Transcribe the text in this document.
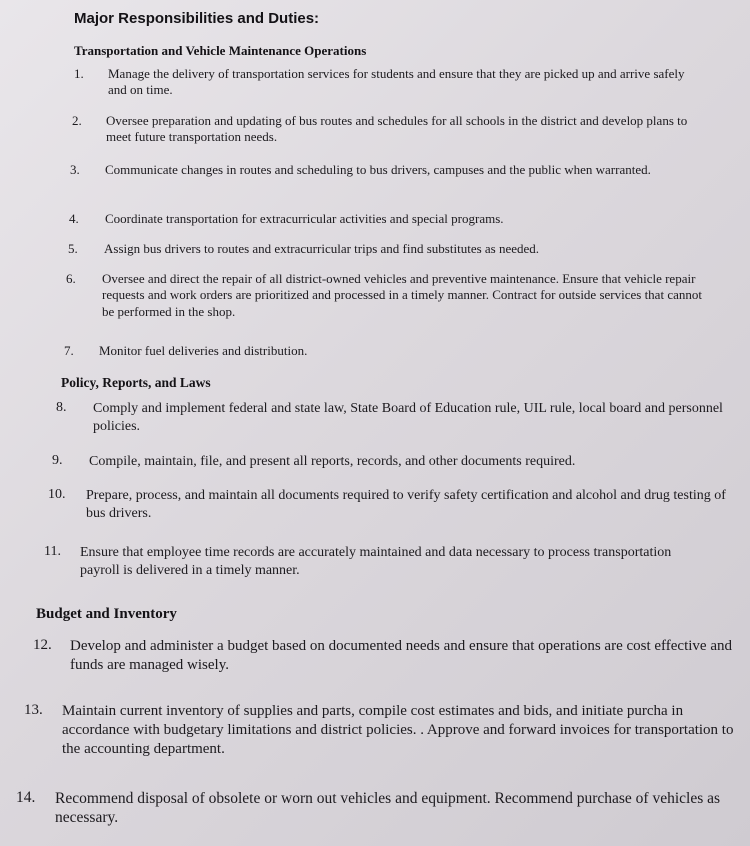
Major Responsibilities and Duties:
Transportation and Vehicle Maintenance Operations
1.	Manage the delivery of transportation services for students and ensure that they are picked up and arrive safely and on time.
2.	Oversee preparation and updating of bus routes and schedules for all schools in the district and develop plans to meet future transportation needs.
3.	Communicate changes in routes and scheduling to bus drivers, campuses and the public when warranted.
4.	Coordinate transportation for extracurricular activities and special programs.
5.	Assign bus drivers to routes and extracurricular trips and find substitutes as needed.
6.	Oversee and direct the repair of all district-owned vehicles and preventive maintenance. Ensure that vehicle repair requests and work orders are prioritized and processed in a timely manner. Contract for outside services that cannot be performed in the shop.
7.	Monitor fuel deliveries and distribution.
Policy, Reports, and Laws
8.	Comply and implement federal and state law, State Board of Education rule, UIL rule, local board and personnel policies.
9.	Compile, maintain, file, and present all reports, records, and other documents required.
10.	Prepare, process, and maintain all documents required to verify safety certification and alcohol and drug testing of bus drivers.
11.	Ensure that employee time records are accurately maintained and data necessary to process transportation payroll is delivered in a timely manner.
Budget and Inventory
12.	Develop and administer a budget based on documented needs and ensure that operations are cost effective and funds are managed wisely.
13.	Maintain current inventory of supplies and parts, compile cost estimates and bids, and initiate purcha in accordance with budgetary limitations and district policies. . Approve and forward invoices for transportation to the accounting department.
14.	Recommend disposal of obsolete or worn out vehicles and equipment. Recommend purchase of vehicles as necessary.
